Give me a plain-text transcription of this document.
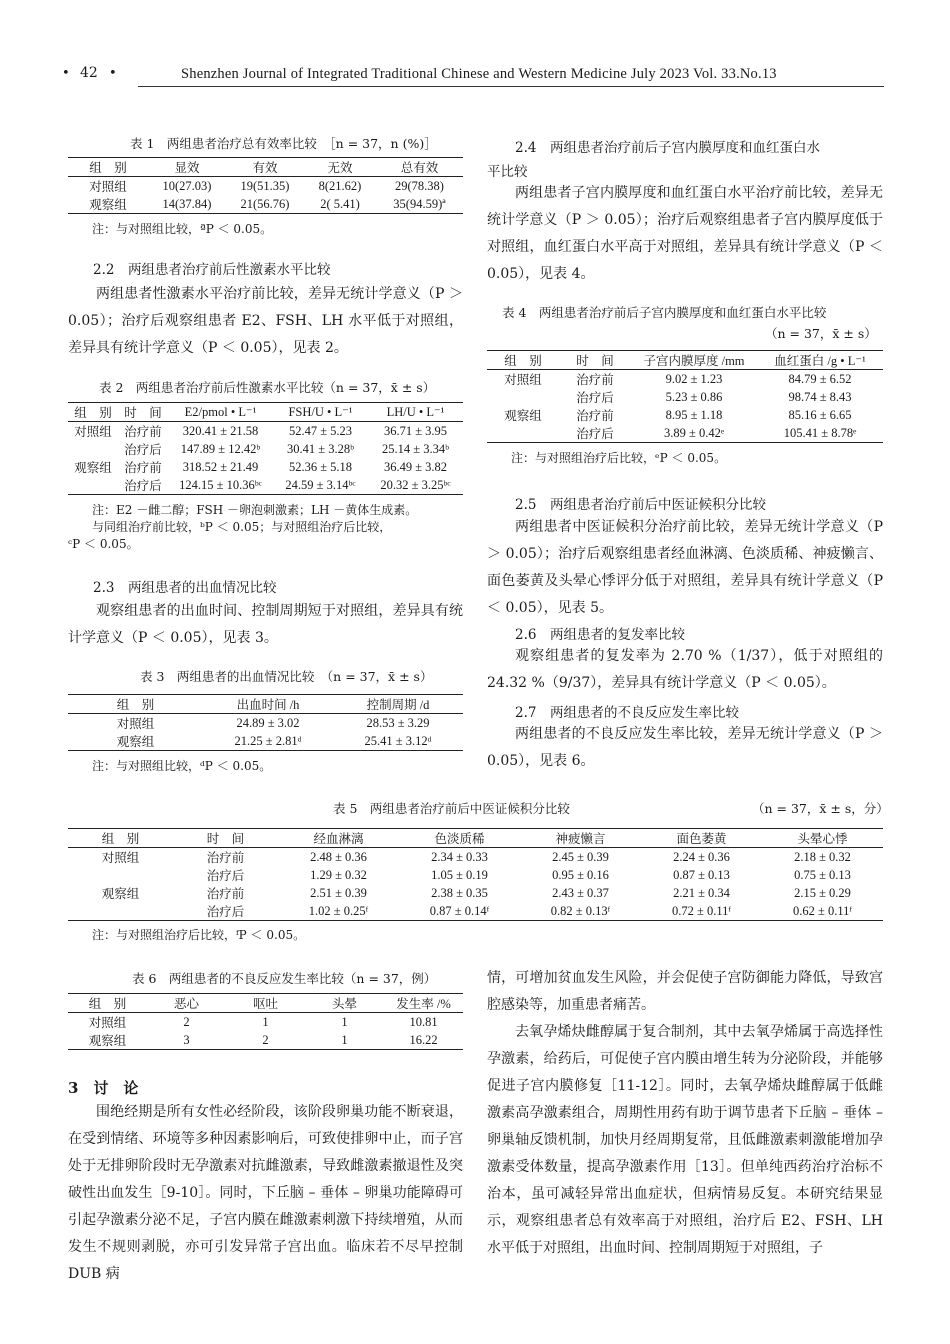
• 42 •	Shenzhen Journal of Integrated Traditional Chinese and Western Medicine July 2023 Vol. 33.No.13
表 1　两组患者治疗总有效率比较　［n = 37，n (%)］
组　别	显效	有效	无效	总有效
对照组	10(27.03)	19(51.35)	8(21.62)	29(78.38)
观察组	14(37.84)	21(56.76)	2( 5.41)	35(94.59)ª

注：与对照组比较，ªP ＜ 0.05。

2.2　两组患者治疗前后性激素水平比较

两组患者性激素水平治疗前比较，差异无统计学意义（P ＞ 0.05）；治疗后观察组患者 E2、FSH、LH 水平低于对照组，差异具有统计学意义（P ＜ 0.05），见表 2。

表 2　两组患者治疗前后性激素水平比较（n = 37，x̄ ± s）
组　别	时　间	E2/pmol • L⁻¹	FSH/U • L⁻¹	LH/U • L⁻¹
对照组	治疗前	320.41 ± 21.58	52.47 ± 5.23	36.71 ± 3.95
	治疗后	147.89 ± 12.42ᵇ	30.41 ± 3.28ᵇ	25.14 ± 3.34ᵇ
观察组	治疗前	318.52 ± 21.49	52.36 ± 5.18	36.49 ± 3.82
	治疗后	124.15 ± 10.36ᵇᶜ	24.59 ± 3.14ᵇᶜ	20.32 ± 3.25ᵇᶜ

注：E2 －雌二醇；FSH －卵泡刺激素；LH －黄体生成素。

与同组治疗前比较，ᵇP ＜ 0.05；与对照组治疗后比较，

ᶜP ＜ 0.05。

2.3　两组患者的出血情况比较

观察组患者的出血时间、控制周期短于对照组，差异具有统计学意义（P ＜ 0.05），见表 3。

表 3　两组患者的出血情况比较　（n = 37，x̄ ± s）
组　别	出血时间 /h	控制周期 /d
对照组	24.89 ± 3.02	28.53 ± 3.29
观察组	21.25 ± 2.81ᵈ	25.41 ± 3.12ᵈ

注：与对照组比较，ᵈP ＜ 0.05。

2.4　两组患者治疗前后子宫内膜厚度和血红蛋白水
平比较

两组患者子宫内膜厚度和血红蛋白水平治疗前比较，差异无统计学意义（P ＞ 0.05）；治疗后观察组患者子宫内膜厚度低于对照组，血红蛋白水平高于对照组，差异具有统计学意义（P ＜ 0.05），见表 4。

表 4　两组患者治疗前后子宫内膜厚度和血红蛋白水平比较
（n = 37，x̄ ± s）
组　别	时　间	子宫内膜厚度 /mm	血红蛋白 /g • L⁻¹
对照组	治疗前	9.02 ± 1.23	84.79 ± 6.52
	治疗后	5.23 ± 0.86	98.74 ± 8.43
观察组	治疗前	8.95 ± 1.18	85.16 ± 6.65
	治疗后	3.89 ± 0.42ᵉ	105.41 ± 8.78ᵉ

注：与对照组治疗后比较，ᵉP ＜ 0.05。

2.5　两组患者治疗前后中医证候积分比较

两组患者中医证候积分治疗前比较，差异无统计学意义（P ＞ 0.05）；治疗后观察组患者经血淋漓、色淡质稀、神疲懒言、面色萎黄及头晕心悸评分低于对照组，差异具有统计学意义（P ＜ 0.05），见表 5。

2.6　两组患者的复发率比较

观察组患者的复发率为 2.70 %（1/37），低于对照组的 24.32 %（9/37），差异具有统计学意义（P ＜ 0.05）。

2.7　两组患者的不良反应发生率比较

两组患者的不良反应发生率比较，差异无统计学意义（P ＞ 0.05），见表 6。

表 5　两组患者治疗前后中医证候积分比较	（n = 37，x̄ ± s，分）
组　别	时　间	经血淋漓	色淡质稀	神疲懒言	面色萎黄	头晕心悸
对照组	治疗前	2.48 ± 0.36	2.34 ± 0.33	2.45 ± 0.39	2.24 ± 0.36	2.18 ± 0.32
	治疗后	1.29 ± 0.32	1.05 ± 0.19	0.95 ± 0.16	0.87 ± 0.13	0.75 ± 0.13
观察组	治疗前	2.51 ± 0.39	2.38 ± 0.35	2.43 ± 0.37	2.21 ± 0.34	2.15 ± 0.29
	治疗后	1.02 ± 0.25ᶠ	0.87 ± 0.14ᶠ	0.82 ± 0.13ᶠ	0.72 ± 0.11ᶠ	0.62 ± 0.11ᶠ

注：与对照组治疗后比较，ᶠP ＜ 0.05。

表 6　两组患者的不良反应发生率比较（n = 37，例）
组　别	恶心	呕吐	头晕	发生率 /%
对照组	2	1	1	10.81
观察组	3	2	1	16.22
3　讨　论

围绝经期是所有女性必经阶段，该阶段卵巢功能不断衰退，在受到情绪、环境等多种因素影响后，可致使排卵中止，而子宫处于无排卵阶段时无孕激素对抗雌激素，导致雌激素撤退性及突破性出血发生［9-10］。同时，下丘脑 – 垂体 – 卵巢功能障碍可引起孕激素分泌不足，子宫内膜在雌激素刺激下持续增殖，从而发生不规则剥脱，亦可引发异常子宫出血。临床若不尽早控制 DUB 病

情，可增加贫血发生风险，并会促使子宫防御能力降低，导致宫腔感染等，加重患者痛苦。

去氧孕烯炔雌醇属于复合制剂，其中去氧孕烯属于高选择性孕激素，给药后，可促使子宫内膜由增生转为分泌阶段，并能够促进子宫内膜修复［11-12］。同时，去氧孕烯炔雌醇属于低雌激素高孕激素组合，周期性用药有助于调节患者下丘脑 – 垂体 – 卵巢轴反馈机制，加快月经周期复常，且低雌激素刺激能增加孕激素受体数量，提高孕激素作用［13］。但单纯西药治疗治标不治本，虽可减轻异常出血症状，但病情易反复。本研究结果显示，观察组患者总有效率高于对照组，治疗后 E2、FSH、LH 水平低于对照组，出血时间、控制周期短于对照组，子
